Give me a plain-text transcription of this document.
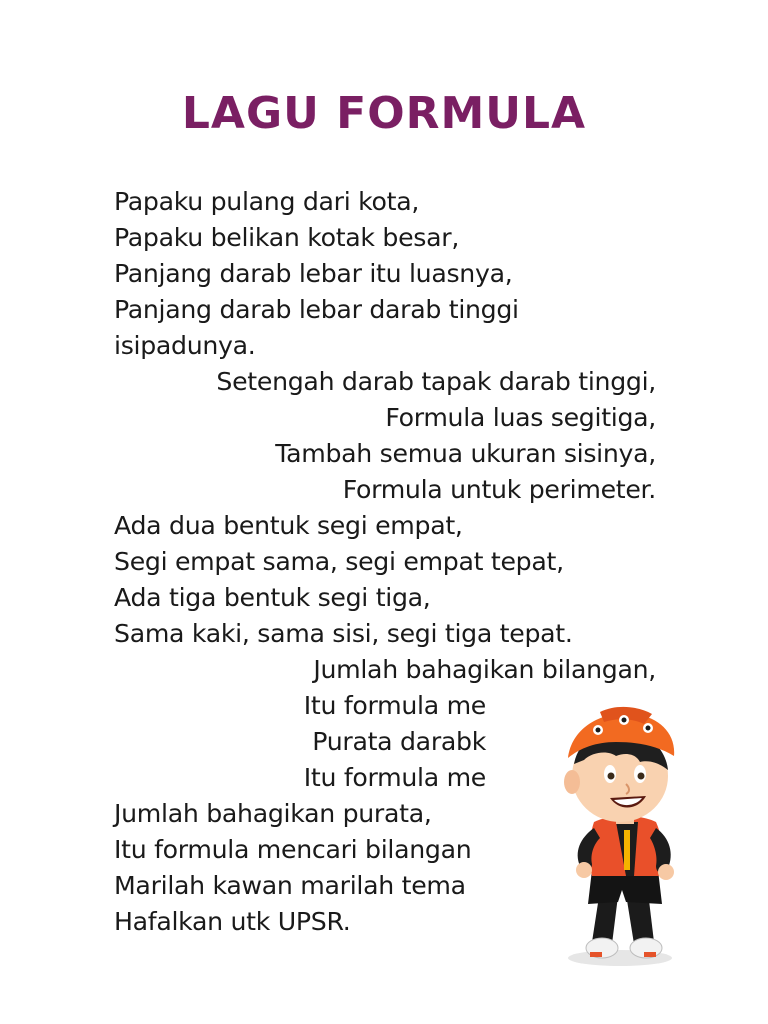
LAGU FORMULA
Papaku pulang dari kota,
Papaku belikan kotak besar,
Panjang darab lebar itu luasnya,
Panjang darab lebar darab tinggi
isipadunya.
Setengah darab tapak darab tinggi,
Formula luas segitiga,
Tambah semua ukuran sisinya,
Formula untuk perimeter.
Ada dua bentuk segi empat,
Segi empat sama, segi empat tepat,
Ada tiga bentuk segi tiga,
Sama kaki, sama sisi, segi tiga tepat.
Jumlah bahagikan bilangan,
Itu formula me
Purata darabk
Itu formula me
Jumlah bahagikan purata,
Itu formula mencari bilangan
Marilah kawan marilah tema
Hafalkan utk UPSR.
